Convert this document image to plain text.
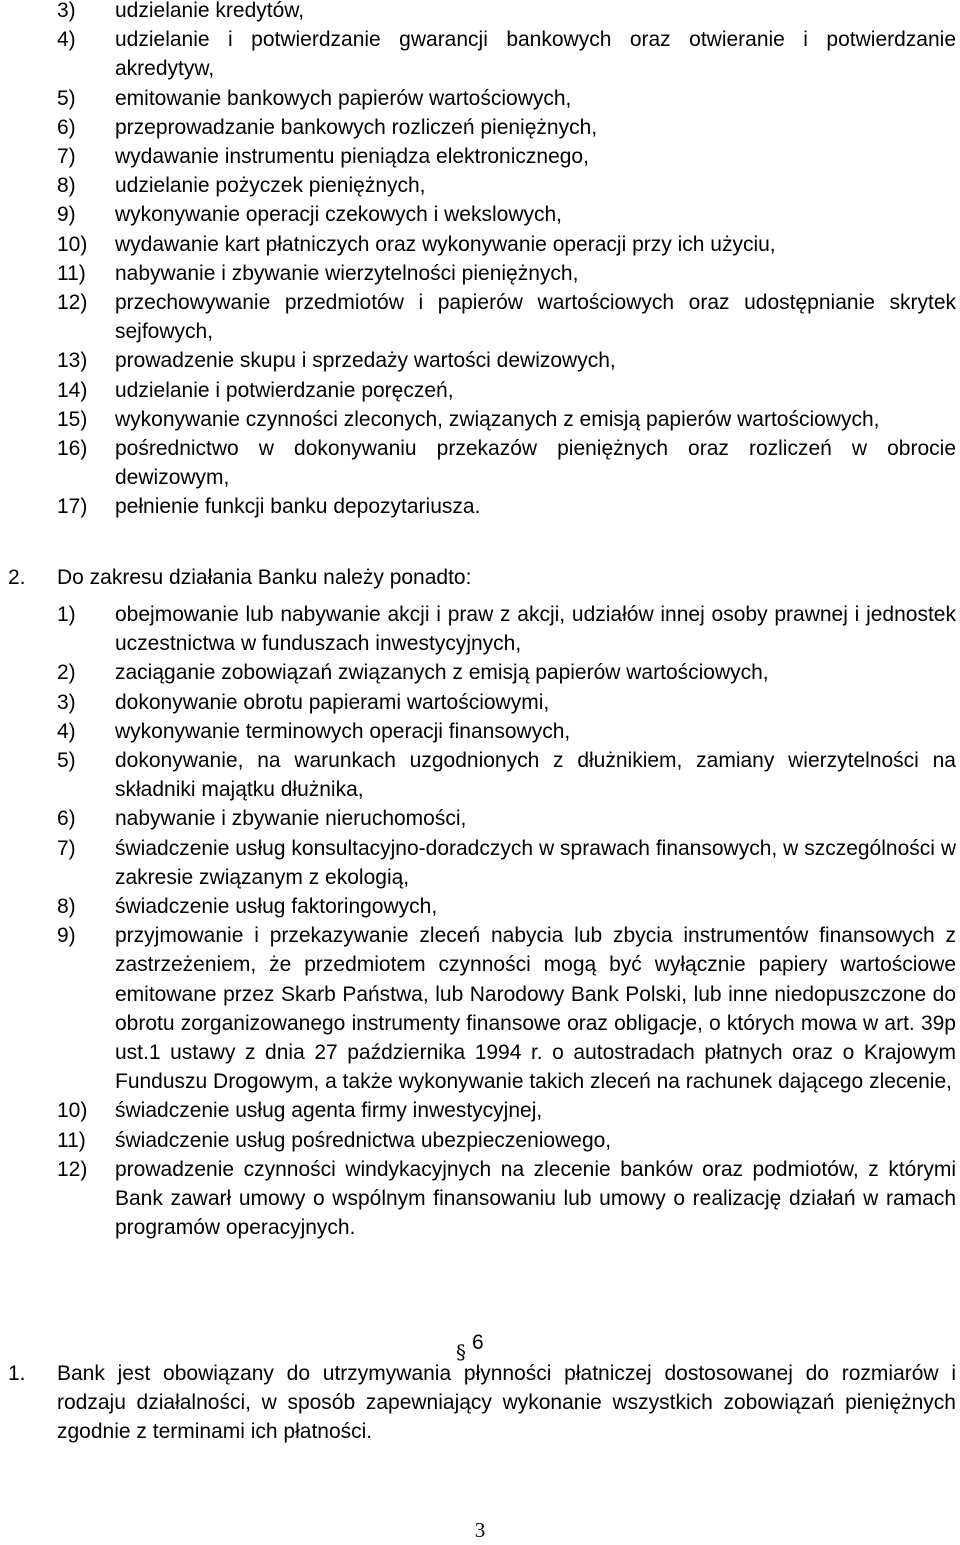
3) udzielanie kredytów,
4) udzielanie i potwierdzanie gwarancji bankowych oraz otwieranie i potwierdzanie akredytyw,
5) emitowanie bankowych papierów wartościowych,
6) przeprowadzanie bankowych rozliczeń pieniężnych,
7) wydawanie instrumentu pieniądza elektronicznego,
8) udzielanie pożyczek pieniężnych,
9) wykonywanie operacji czekowych i wekslowych,
10) wydawanie kart płatniczych oraz wykonywanie operacji przy ich użyciu,
11) nabywanie i zbywanie wierzytelności pieniężnych,
12) przechowywanie przedmiotów i papierów wartościowych oraz udostępnianie skrytek sejfowych,
13) prowadzenie skupu i sprzedaży wartości dewizowych,
14) udzielanie i potwierdzanie poręczeń,
15) wykonywanie czynności zleconych, związanych z emisją papierów wartościowych,
16) pośrednictwo w dokonywaniu przekazów pieniężnych oraz rozliczeń w obrocie dewizowym,
17) pełnienie funkcji banku depozytariusza.
2. Do zakresu działania Banku należy ponadto:
1) obejmowanie lub nabywanie akcji i praw z akcji, udziałów innej osoby prawnej i jednostek uczestnictwa w funduszach inwestycyjnych,
2) zaciąganie zobowiązań związanych z emisją papierów wartościowych,
3) dokonywanie obrotu papierami wartościowymi,
4) wykonywanie terminowych operacji finansowych,
5) dokonywanie, na warunkach uzgodnionych z dłużnikiem, zamiany wierzytelności na składniki majątku dłużnika,
6) nabywanie i zbywanie nieruchomości,
7) świadczenie usług konsultacyjno-doradczych w sprawach finansowych, w szczególności w zakresie związanym z ekologią,
8) świadczenie usług faktoringowych,
9) przyjmowanie i przekazywanie zleceń nabycia lub zbycia instrumentów finansowych z zastrzeżeniem, że przedmiotem czynności mogą być wyłącznie papiery wartościowe emitowane przez Skarb Państwa, lub Narodowy Bank Polski, lub inne niedopuszczone do obrotu zorganizowanego instrumenty finansowe oraz obligacje, o których mowa w art. 39p ust.1 ustawy z dnia 27 października 1994 r. o autostradach płatnych oraz o Krajowym Funduszu Drogowym, a także wykonywanie takich zleceń na rachunek dającego zlecenie,
10) świadczenie usług agenta firmy inwestycyjnej,
11) świadczenie usług pośrednictwa ubezpieczeniowego,
12) prowadzenie czynności windykacyjnych na zlecenie banków oraz podmiotów, z którymi Bank zawarł umowy o wspólnym finansowaniu lub umowy o realizację działań w ramach programów operacyjnych.
§ 6
1.	Bank jest obowiązany do utrzymywania płynności płatniczej dostosowanej do rozmiarów i rodzaju działalności, w sposób zapewniający wykonanie wszystkich zobowiązań pieniężnych zgodnie z terminami ich płatności.
3
